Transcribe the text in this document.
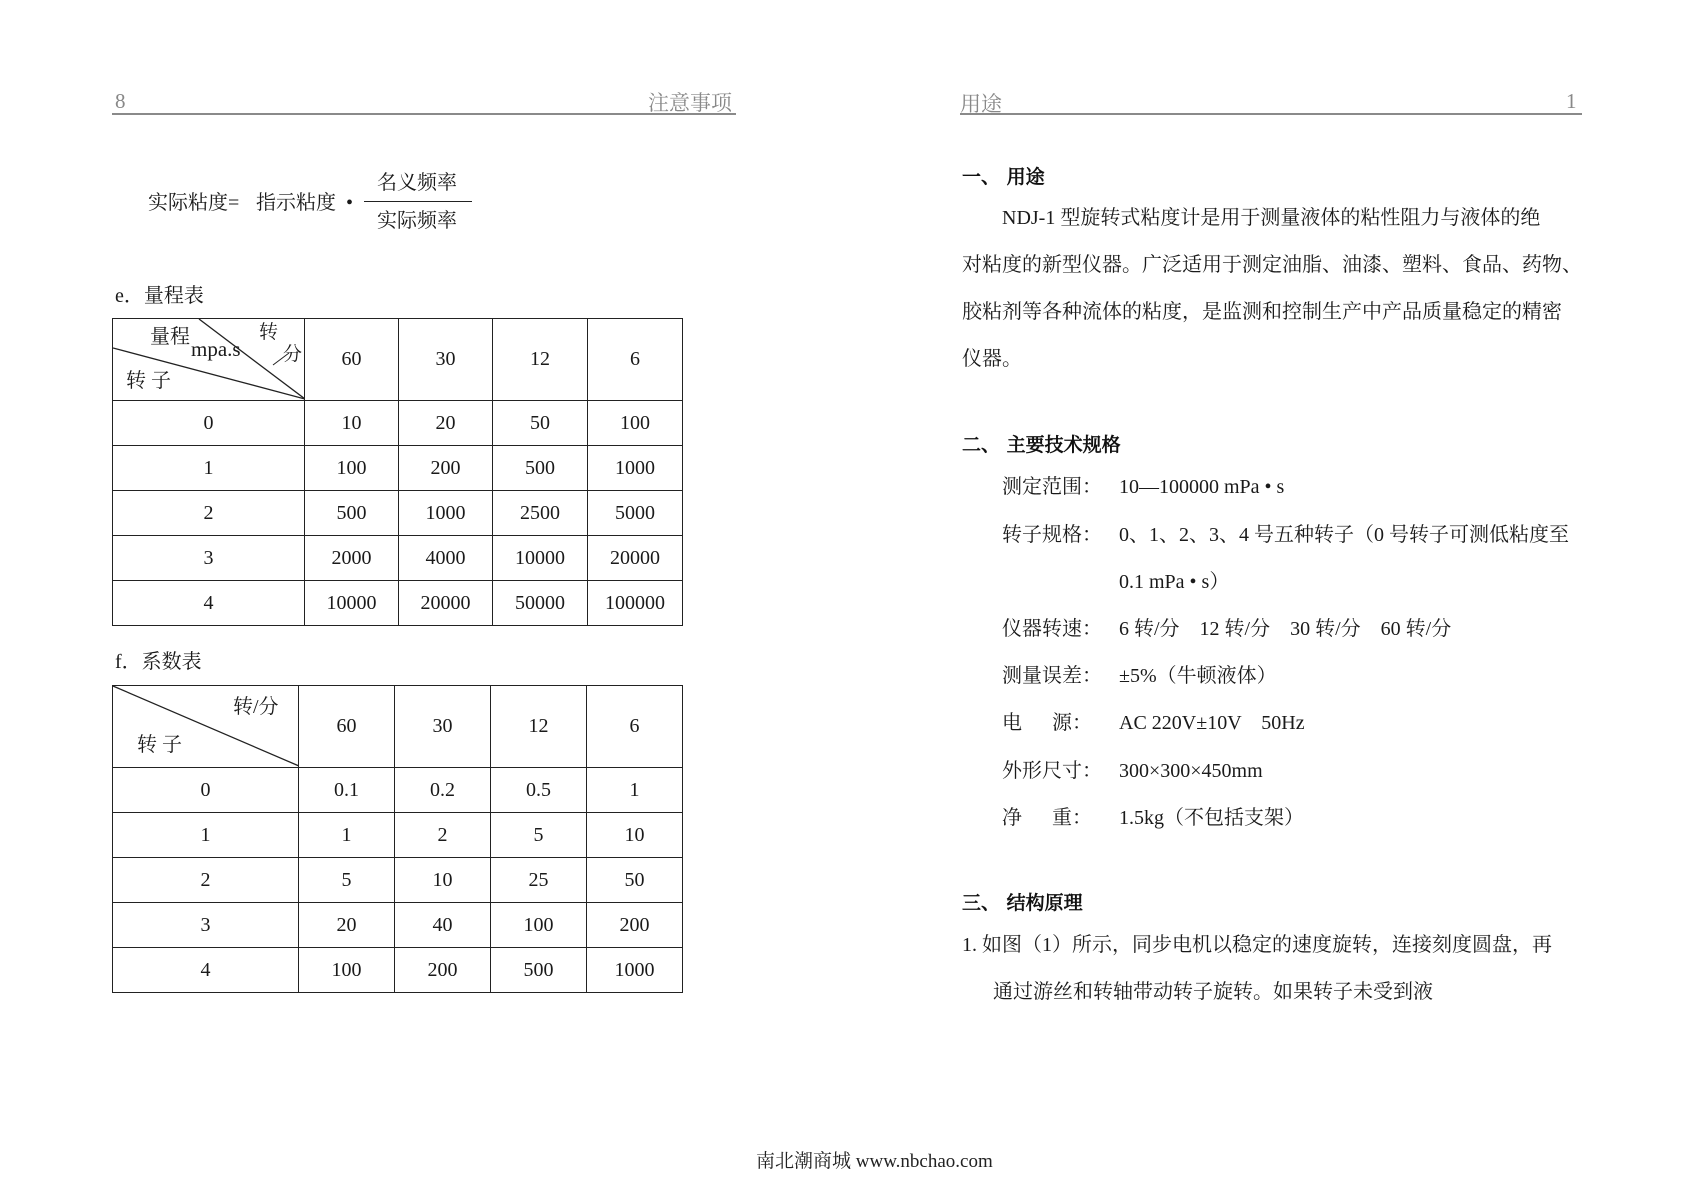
8	注意事项
实际粘度= 指示粘度 •
名义频率
实际频率
e．量程表
量程 mpa.s
转
分
转 子	60	30	12	6
0	10	20	50	100
1	100	200	500	1000
2	500	1000	2500	5000
3	2000	4000	10000	20000
4	10000	20000	50000	100000
f．系数表
转/分
转 子	60	30	12	6
0	0.1	0.2	0.5	1
1	1	2	5	10
2	5	10	25	50
3	20	40	100	200
4	100	200	500	1000
用途	1
一、 用途
NDJ-1 型旋转式粘度计是用于测量液体的粘性阻力与液体的绝
对粘度的新型仪器。广泛适用于测定油脂、油漆、塑料、食品、药物、
胶粘剂等各种流体的粘度，是监测和控制生产中产品质量稳定的精密
仪器。
二、 主要技术规格
测定范围： 10—100000 mPa • s
转子规格： 0、1、2、3、4 号五种转子（0 号转子可测低粘度至
0.1 mPa • s）
仪器转速： 6 转/分    12 转/分    30 转/分    60 转/分
测量误差： ±5%（牛顿液体）
电      源： AC 220V±10V    50Hz
外形尺寸： 300×300×450mm
净      重： 1.5kg（不包括支架）
三、 结构原理
1. 如图（1）所示，同步电机以稳定的速度旋转，连接刻度圆盘，再
通过游丝和转轴带动转子旋转。如果转子未受到液
南北潮商城 www.nbchao.com
